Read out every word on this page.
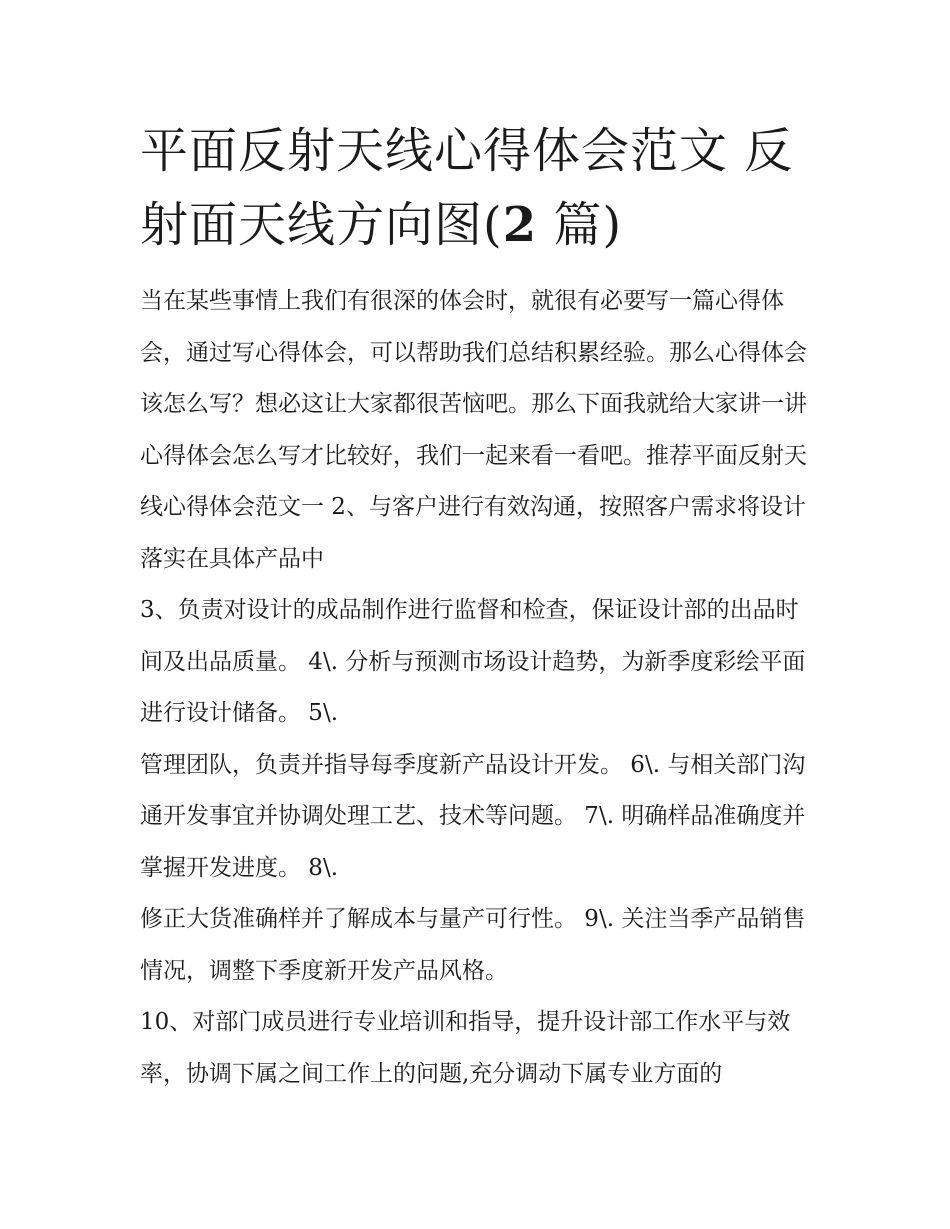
平面反射天线心得体会范文 反射面天线方向图(2 篇)

当在某些事情上我们有很深的体会时，就很有必要写一篇心得体会，通过写心得体会，可以帮助我们总结积累经验。那么心得体会该怎么写？想必这让大家都很苦恼吧。那么下面我就给大家讲一讲心得体会怎么写才比较好，我们一起来看一看吧。推荐平面反射天线心得体会范文一 2、与客户进行有效沟通，按照客户需求将设计落实在具体产品中

3、负责对设计的成品制作进行监督和检查，保证设计部的出品时间及出品质量。 4\. 分析与预测市场设计趋势，为新季度彩绘平面进行设计储备。 5\.

管理团队，负责并指导每季度新产品设计开发。 6\. 与相关部门沟通开发事宜并协调处理工艺、技术等问题。 7\. 明确样品准确度并掌握开发进度。 8\.

修正大货准确样并了解成本与量产可行性。 9\. 关注当季产品销售情况，调整下季度新开发产品风格。

10、对部门成员进行专业培训和指导，提升设计部工作水平与效率，协调下属之间工作上的问题,充分调动下属专业方面的
